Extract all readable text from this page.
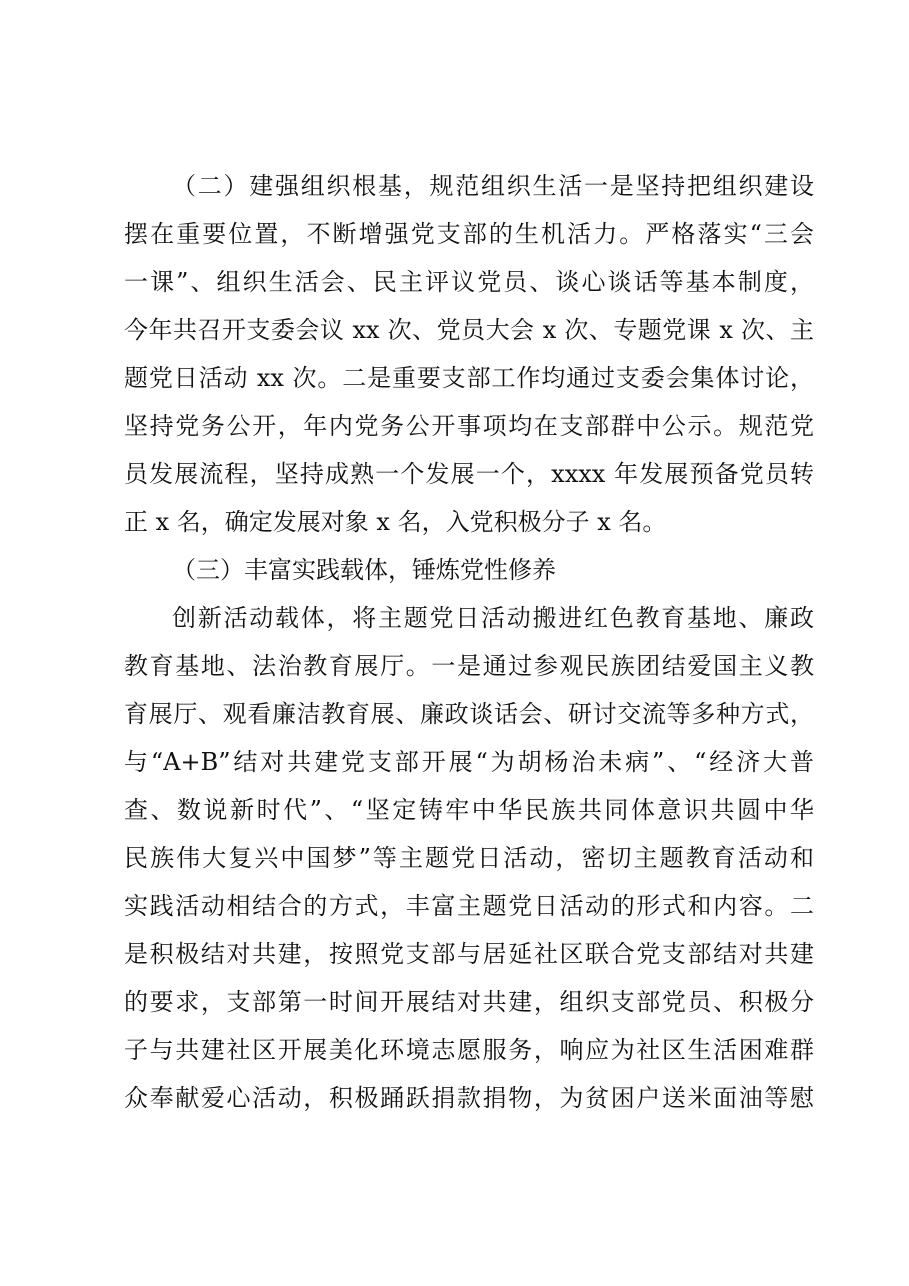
（二）建强组织根基，规范组织生活一是坚持把组织建设

摆在重要位置，不断增强党支部的生机活力。严格落实“三会

一课”、组织生活会、民主评议党员、谈心谈话等基本制度，

今年共召开支委会议 xx 次、党员大会 x 次、专题党课 x 次、主

题党日活动 xx 次。二是重要支部工作均通过支委会集体讨论，

坚持党务公开，年内党务公开事项均在支部群中公示。规范党

员发展流程，坚持成熟一个发展一个，xxxx 年发展预备党员转

正 x 名，确定发展对象 x 名，入党积极分子 x 名。

（三）丰富实践载体，锤炼党性修养

创新活动载体，将主题党日活动搬进红色教育基地、廉政

教育基地、法治教育展厅。一是通过参观民族团结爱国主义教

育展厅、观看廉洁教育展、廉政谈话会、研讨交流等多种方式，

与“A+B”结对共建党支部开展“为胡杨治未病”、“经济大普

查、数说新时代”、“坚定铸牢中华民族共同体意识共圆中华

民族伟大复兴中国梦”等主题党日活动，密切主题教育活动和

实践活动相结合的方式，丰富主题党日活动的形式和内容。二

是积极结对共建，按照党支部与居延社区联合党支部结对共建

的要求，支部第一时间开展结对共建，组织支部党员、积极分

子与共建社区开展美化环境志愿服务，响应为社区生活困难群

众奉献爱心活动，积极踊跃捐款捐物，为贫困户送米面油等慰
